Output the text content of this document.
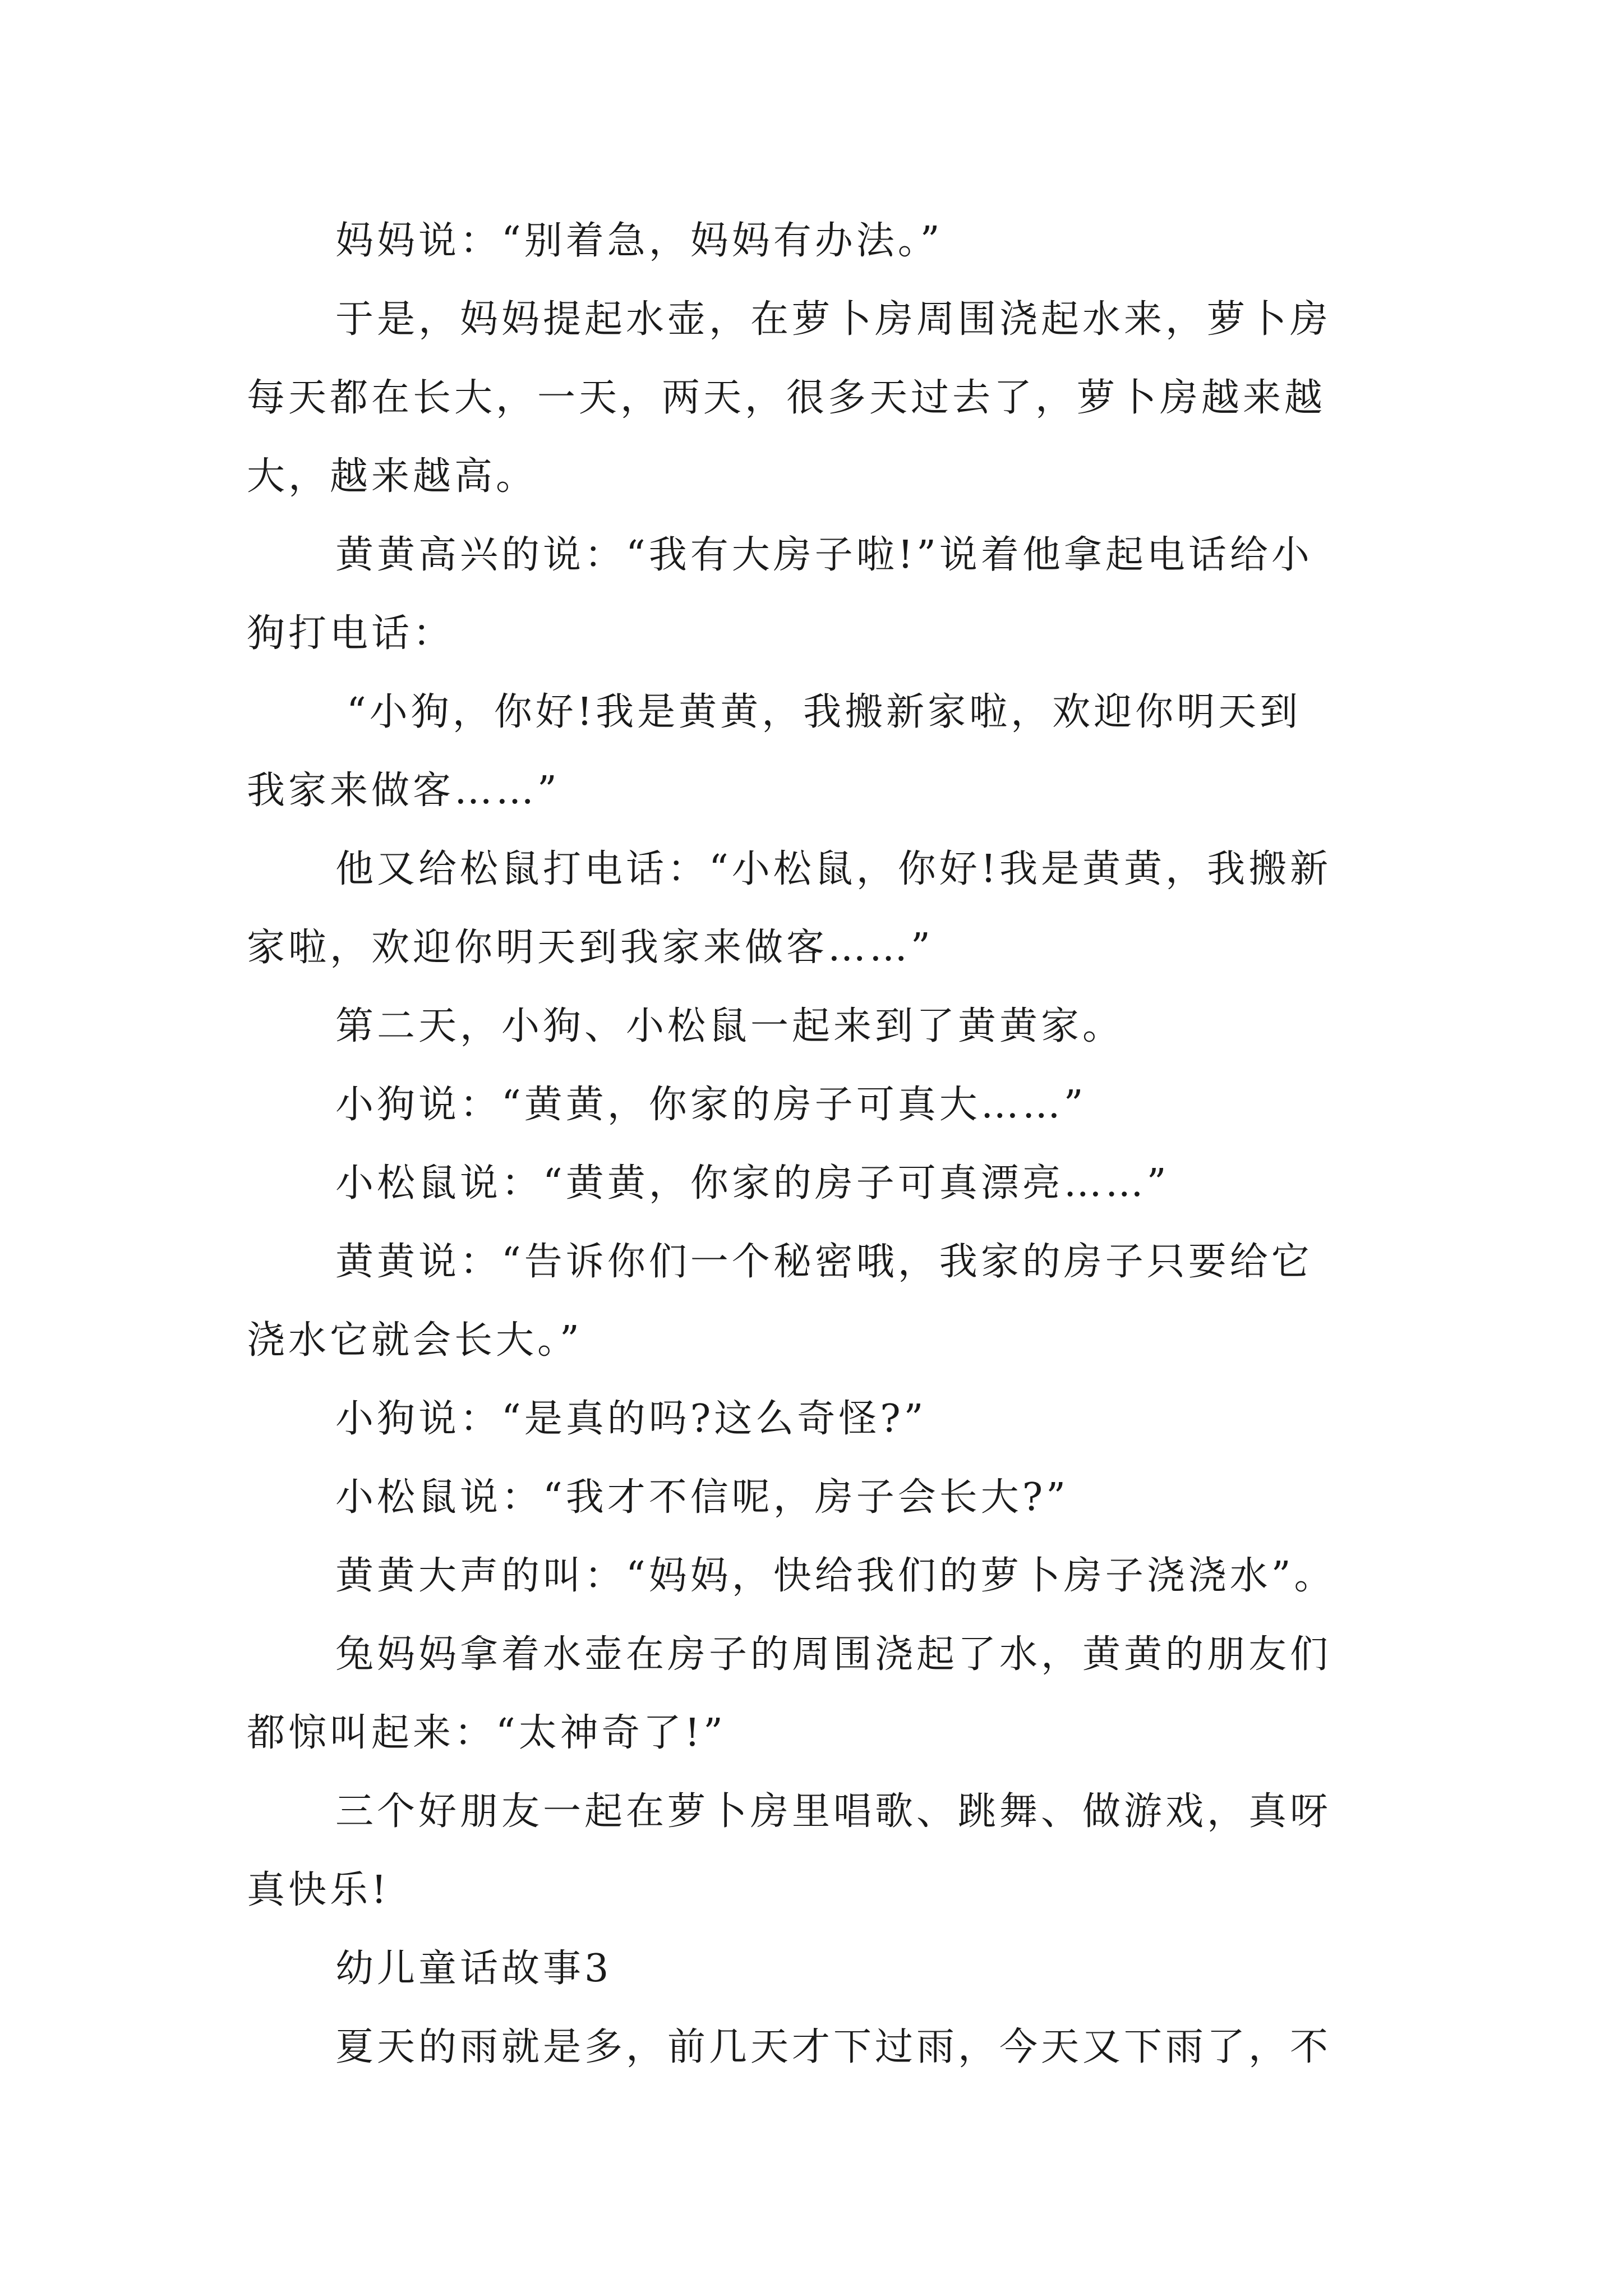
妈妈说：“别着急，妈妈有办法。”
于是，妈妈提起水壶，在萝卜房周围浇起水来，萝卜房
每天都在长大，一天，两天，很多天过去了，萝卜房越来越
大，越来越高。
黄黄高兴的说：“我有大房子啦!”说着他拿起电话给小
狗打电话：
“小狗，你好!我是黄黄，我搬新家啦，欢迎你明天到
我家来做客……”
他又给松鼠打电话：“小松鼠，你好!我是黄黄，我搬新
家啦，欢迎你明天到我家来做客……”
第二天，小狗、小松鼠一起来到了黄黄家。
小狗说：“黄黄，你家的房子可真大……”
小松鼠说：“黄黄，你家的房子可真漂亮……”
黄黄说：“告诉你们一个秘密哦，我家的房子只要给它
浇水它就会长大。”
小狗说：“是真的吗?这么奇怪?”
小松鼠说：“我才不信呢，房子会长大?”
黄黄大声的叫：“妈妈，快给我们的萝卜房子浇浇水”。
兔妈妈拿着水壶在房子的周围浇起了水，黄黄的朋友们
都惊叫起来：“太神奇了!”
三个好朋友一起在萝卜房里唱歌、跳舞、做游戏，真呀
真快乐!
幼儿童话故事3
夏天的雨就是多，前几天才下过雨，今天又下雨了，不
